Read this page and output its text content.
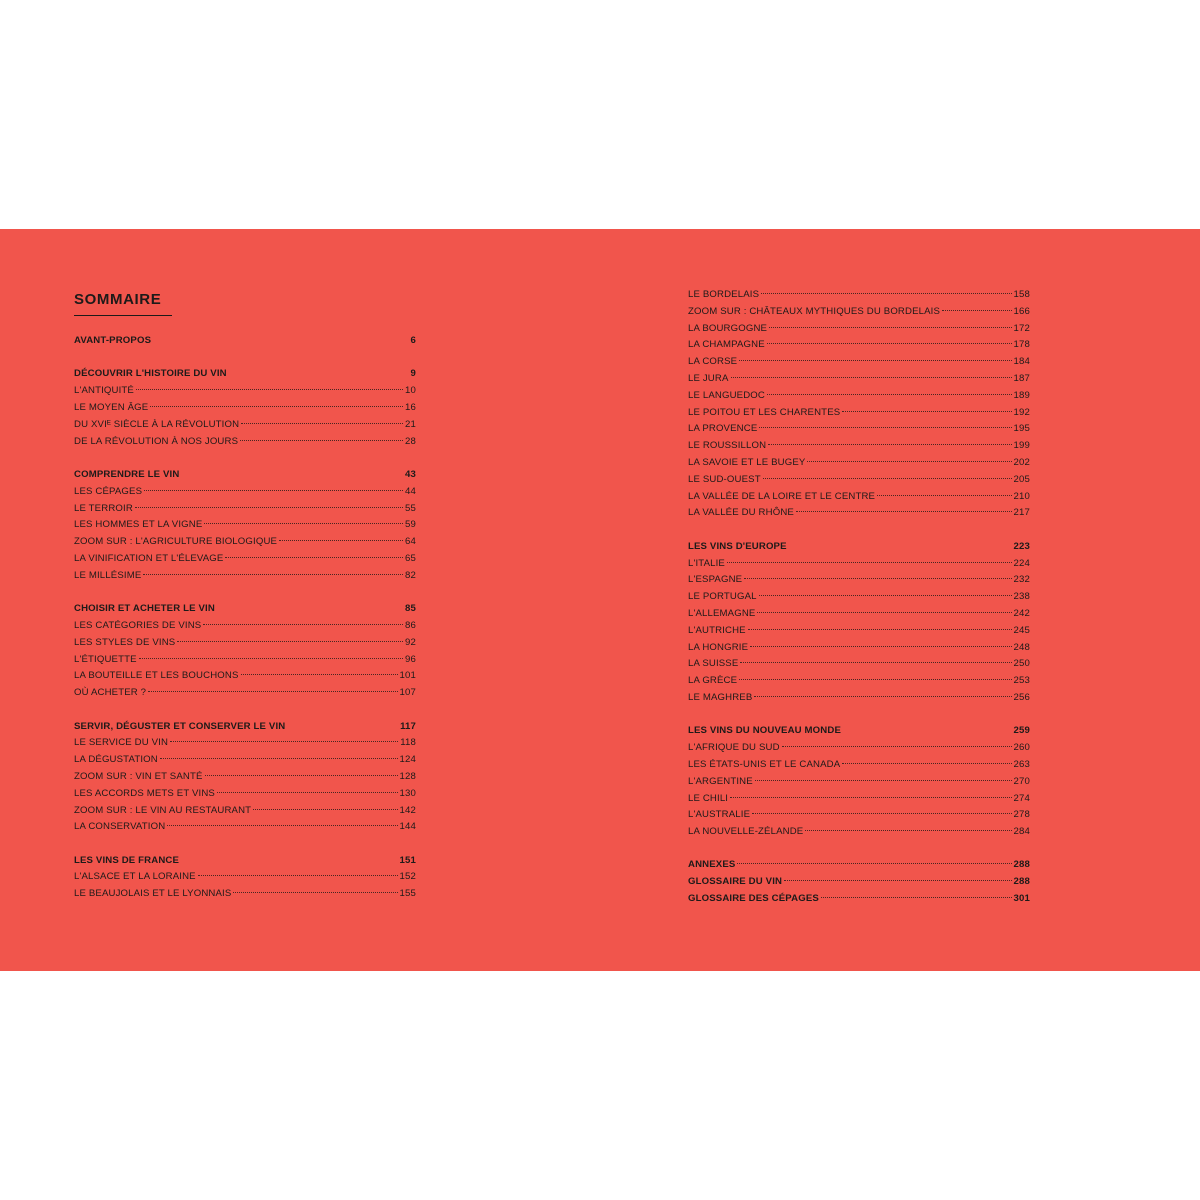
SOMMAIRE
AVANT-PROPOS	6
DÉCOUVRIR L'HISTOIRE DU VIN	9
L'ANTIQUITÉ	10
LE MOYEN ÂGE	16
DU XVIᴱ SIÈCLE À LA RÉVOLUTION	21
DE LA RÉVOLUTION À NOS JOURS	28
COMPRENDRE LE VIN	43
LES CÉPAGES	44
LE TERROIR	55
LES HOMMES ET LA VIGNE	59
ZOOM SUR : L'AGRICULTURE BIOLOGIQUE	64
LA VINIFICATION ET L'ÉLEVAGE	65
LE MILLÉSIME	82
CHOISIR ET ACHETER LE VIN	85
LES CATÉGORIES DE VINS	86
LES STYLES DE VINS	92
L'ÉTIQUETTE	96
LA BOUTEILLE ET LES BOUCHONS	101
OÙ ACHETER ?	107
SERVIR, DÉGUSTER ET CONSERVER LE VIN	117
LE SERVICE DU VIN	118
LA DÉGUSTATION	124
ZOOM SUR : VIN ET SANTÉ	128
LES ACCORDS METS ET VINS	130
ZOOM SUR : LE VIN AU RESTAURANT	142
LA CONSERVATION	144
LES VINS DE FRANCE	151
L'ALSACE ET LA LORAINE	152
LE BEAUJOLAIS ET LE LYONNAIS	155
LE BORDELAIS	158
ZOOM SUR : CHÂTEAUX MYTHIQUES DU BORDELAIS	166
LA BOURGOGNE	172
LA CHAMPAGNE	178
LA CORSE	184
LE JURA	187
LE LANGUEDOC	189
LE POITOU ET LES CHARENTES	192
LA PROVENCE	195
LE ROUSSILLON	199
LA SAVOIE ET LE BUGEY	202
LE SUD-OUEST	205
LA VALLÉE DE LA LOIRE ET LE CENTRE	210
LA VALLÉE DU RHÔNE	217
LES VINS D'EUROPE	223
L'ITALIE	224
L'ESPAGNE	232
LE PORTUGAL	238
L'ALLEMAGNE	242
L'AUTRICHE	245
LA HONGRIE	248
LA SUISSE	250
LA GRÈCE	253
LE MAGHREB	256
LES VINS DU NOUVEAU MONDE	259
L'AFRIQUE DU SUD	260
LES ÉTATS-UNIS ET LE CANADA	263
L'ARGENTINE	270
LE CHILI	274
L'AUSTRALIE	278
LA NOUVELLE-ZÉLANDE	284
ANNEXES	288
GLOSSAIRE DU VIN	288
GLOSSAIRE DES CÉPAGES	301
